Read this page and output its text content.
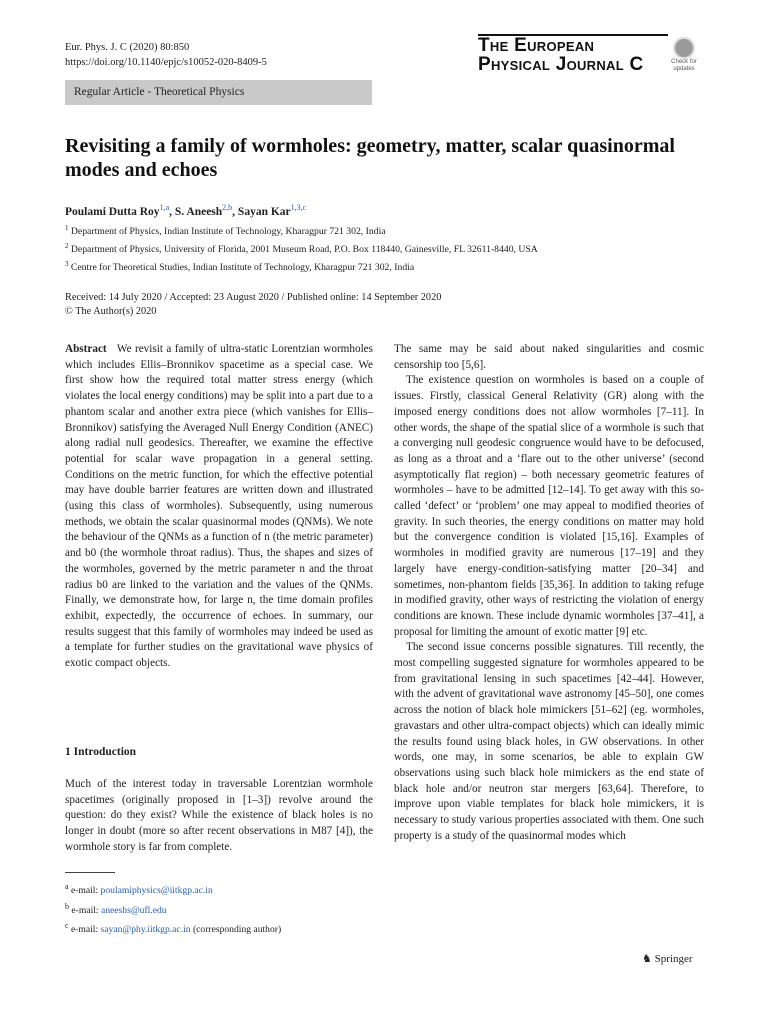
Eur. Phys. J. C (2020) 80:850
https://doi.org/10.1140/epjc/s10052-020-8409-5
The European
Physical Journal C	Check for
updates
Regular Article - Theoretical Physics
Revisiting a family of wormholes: geometry, matter, scalar quasinormal modes and echoes
Poulami Dutta Roy$^{1,a}$, S. Aneesh$^{2,b}$, Sayan Kar$^{1,3,c}$
$^1$ Department of Physics, Indian Institute of Technology, Kharagpur 721 302, India
$^2$ Department of Physics, University of Florida, 2001 Museum Road, P.O. Box 118440, Gainesville, FL 32611-8440, USA
$^3$ Centre for Theoretical Studies, Indian Institute of Technology, Kharagpur 721 302, India
Received: 14 July 2020 / Accepted: 23 August 2020 / Published online: 14 September 2020
© The Author(s) 2020

Abstract We revisit a family of ultra-static Lorentzian wormholes which includes Ellis–Bronnikov spacetime as a special case. We first show how the required total matter stress energy (which violates the local energy conditions) may be split into a part due to a phantom scalar and another extra piece (which vanishes for Ellis–Bronnikov) satisfying the Averaged Null Energy Condition (ANEC) along radial null geodesics. Thereafter, we examine the effective potential for scalar wave propagation in a general setting. Conditions on the metric function, for which the effective potential may have double barrier features are written down and illustrated (using this class of wormholes). Subsequently, using numerous methods, we obtain the scalar quasinormal modes (QNMs). We note the behaviour of the QNMs as a function of n (the metric parameter) and b0 (the wormhole throat radius). Thus, the shapes and sizes of the wormholes, governed by the metric parameter n and the throat radius b0 are linked to the variation and the values of the QNMs. Finally, we demonstrate how, for large n, the time domain profiles exhibit, expectedly, the occurrence of echoes. In summary, our results suggest that this family of wormholes may indeed be used as a template for further studies on the gravitational wave physics of exotic compact objects.

1 Introduction

Much of the interest today in traversable Lorentzian wormhole spacetimes (originally proposed in [1–3]) revolve around the question: do they exist? While the existence of black holes is no longer in doubt (more so after recent observations in M87 [4]), the wormhole story is far from complete.

The same may be said about naked singularities and cosmic censorship too [5,6].

The existence question on wormholes is based on a couple of issues. Firstly, classical General Relativity (GR) along with the imposed energy conditions does not allow wormholes [7–11]. In other words, the shape of the spatial slice of a wormhole is such that a converging null geodesic congruence would have to be defocused, as long as a throat and a ‘flare out to the other universe’ (second asymptotically flat region) – both necessary geometric features of wormholes – have to be admitted [12–14]. To get away with this so-called ‘defect’ or ‘problem’ one may appeal to modified theories of gravity. In such theories, the energy conditions on matter may hold but the convergence condition is violated [15,16]. Examples of wormholes in modified gravity are numerous [17–19] and they largely have energy-condition-satisfying matter [20–34] and sometimes, non-phantom fields [35,36]. In addition to taking refuge in modified gravity, other ways of restricting the violation of energy conditions are known. These include dynamic wormholes [37–41], a proposal for limiting the amount of exotic matter [9] etc.

The second issue concerns possible signatures. Till recently, the most compelling suggested signature for wormholes appeared to be from gravitational lensing in such spacetimes [42–44]. However, with the advent of gravitational wave astronomy [45–50], one comes across the notion of black hole mimickers [51–62] (eg. wormholes, gravastars and other ultra-compact objects) which can ideally mimic the results found using black holes, in GW observations. In other words, one may, in some scenarios, be able to explain GW observations using such black hole mimickers as the end state of black hole and/or neutron star mergers [63,64]. Therefore, to improve upon viable templates for black hole mimickers, it is necessary to study various properties associated with them. One such property is a study of the quasinormal modes which

$^a$ e-mail: poulamiphysics@iitkgp.ac.in
$^b$ e-mail: aneeshs@ufl.edu
$^c$ e-mail: sayan@phy.iitkgp.ac.in (corresponding author)
♞ Springer
